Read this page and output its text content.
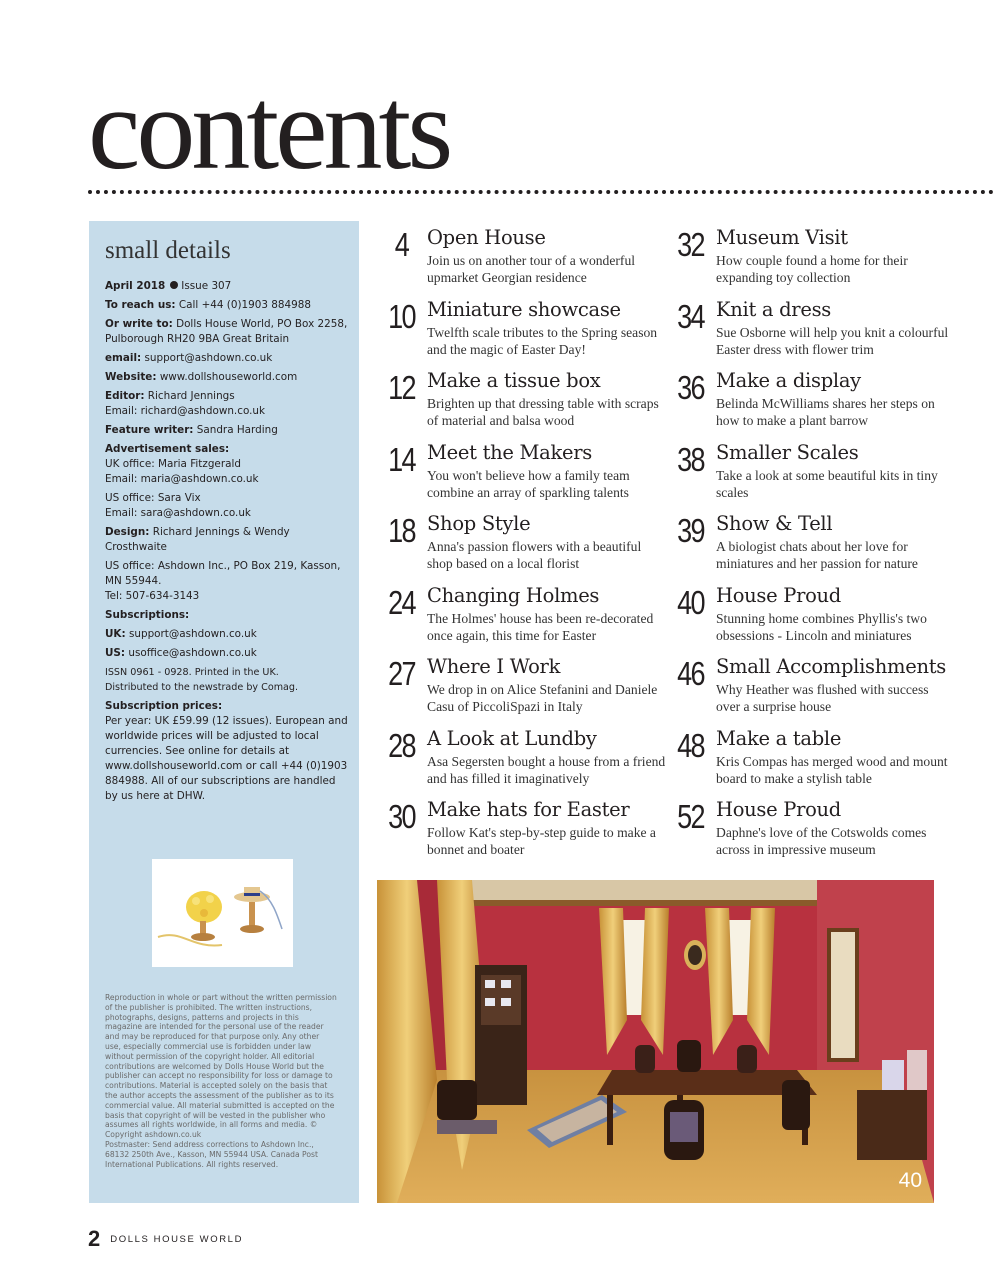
contents
small details

April 2018 Issue 307

To reach us: Call +44 (0)1903 884988

Or write to: Dolls House World, PO Box 2258, Pulborough RH20 9BA Great Britain

email: support@ashdown.co.uk

Website: www.dollshouseworld.com

Editor: Richard Jennings
Email: richard@ashdown.co.uk

Feature writer: Sandra Harding

Advertisement sales:
UK office: Maria Fitzgerald
Email: maria@ashdown.co.uk

US office: Sara Vix
Email: sara@ashdown.co.uk

Design: Richard Jennings & Wendy Crosthwaite

US office: Ashdown Inc., PO Box 219, Kasson, MN 55944.
Tel: 507-634-3143

Subscriptions:

UK: support@ashdown.co.uk

US: usoffice@ashdown.co.uk

ISSN 0961 - 0928. Printed in the UK.
Distributed to the newstrade by Comag.

Subscription prices:
Per year: UK £59.99 (12 issues). European and worldwide prices will be adjusted to local currencies. See online for details at www.dollshouseworld.com or call +44 (0)1903 884988. All of our subscriptions are handled by us here at DHW.

Reproduction in whole or part without the written permission of the publisher is prohibited. The written instructions, photographs, designs, patterns and projects in this magazine are intended for the personal use of the reader and may be reproduced for that purpose only. Any other use, especially commercial use is forbidden under law without permission of the copyright holder. All editorial contributions are welcomed by Dolls House World but the publisher can accept no responsibility for loss or damage to contributions. Material is accepted solely on the basis that the author accepts the assessment of the publisher as to its commercial value. All material submitted is accepted on the basis that copyright of will be vested in the publisher who assumes all rights worldwide, in all forms and media. © Copyright ashdown.co.uk
Postmaster: Send address corrections to Ashdown Inc., 68132 250th Ave., Kasson, MN 55944 USA. Canada Post International Publications. All rights reserved.

4 Open House
Join us on another tour of a wonderful upmarket Georgian residence
10 Miniature showcase
Twelfth scale tributes to the Spring season and the magic of Easter Day!
12 Make a tissue box
Brighten up that dressing table with scraps of material and balsa wood
14 Meet the Makers
You won't believe how a family team combine an array of sparkling talents
18 Shop Style
Anna's passion flowers with a beautiful shop based on a local florist
24 Changing Holmes
The Holmes' house has been re-decorated once again, this time for Easter
27 Where I Work
We drop in on Alice Stefanini and Daniele Casu of PiccoliSpazi in Italy
28 A Look at Lundby
Asa Segersten bought a house from a friend and has filled it imaginatively
30 Make hats for Easter
Follow Kat's step-by-step guide to make a bonnet and boater
32 Museum Visit
How couple found a home for their expanding toy collection
34 Knit a dress
Sue Osborne will help you knit a colourful Easter dress with flower trim
36 Make a display
Belinda McWilliams shares her steps on how to make a plant barrow
38 Smaller Scales
Take a look at some beautiful kits in tiny scales
39 Show & Tell
A biologist chats about her love for miniatures and her passion for nature
40 House Proud
Stunning home combines Phyllis's two obsessions - Lincoln and miniatures
46 Small Accomplishments
Why Heather was flushed with success over a surprise house
48 Make a table
Kris Compas has merged wood and mount board to make a stylish table
52 House Proud
Daphne's love of the Cotswolds comes across in impressive museum
40
2 DOLLS HOUSE WORLD
